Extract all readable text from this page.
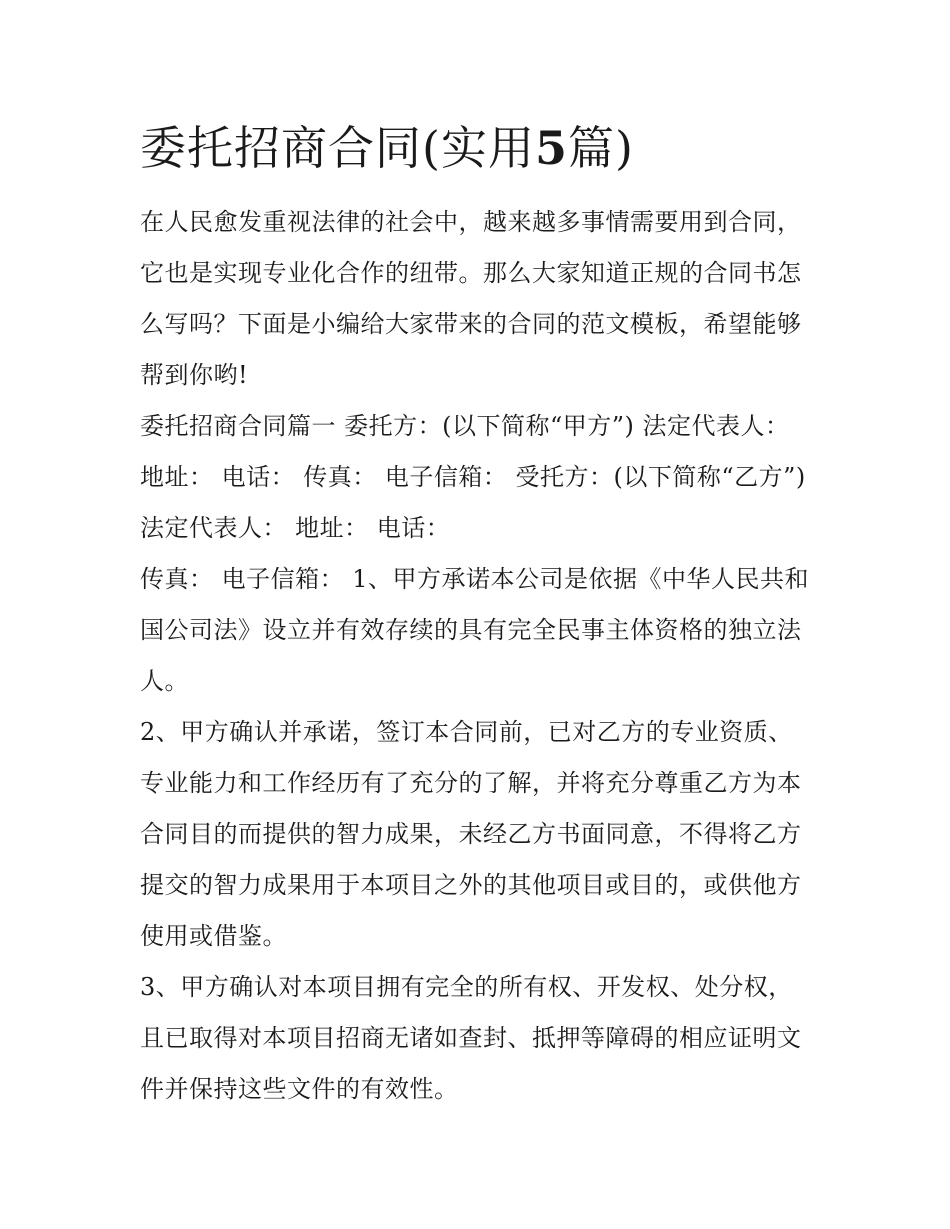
委托招商合同(实用5篇)
在人民愈发重视法律的社会中，越来越多事情需要用到合同，
它也是实现专业化合作的纽带。那么大家知道正规的合同书怎
么写吗？下面是小编给大家带来的合同的范文模板，希望能够
帮到你哟!
委托招商合同篇一 委托方：(以下简称“甲方”) 法定代表人：
地址： 电话： 传真： 电子信箱： 受托方：(以下简称“乙方”)
法定代表人： 地址： 电话：
传真： 电子信箱： 1、甲方承诺本公司是依据《中华人民共和
国公司法》设立并有效存续的具有完全民事主体资格的独立法
人。
2、甲方确认并承诺，签订本合同前，已对乙方的专业资质、
专业能力和工作经历有了充分的了解，并将充分尊重乙方为本
合同目的而提供的智力成果，未经乙方书面同意，不得将乙方
提交的智力成果用于本项目之外的其他项目或目的，或供他方
使用或借鉴。
3、甲方确认对本项目拥有完全的所有权、开发权、处分权，
且已取得对本项目招商无诸如查封、抵押等障碍的相应证明文
件并保持这些文件的有效性。
